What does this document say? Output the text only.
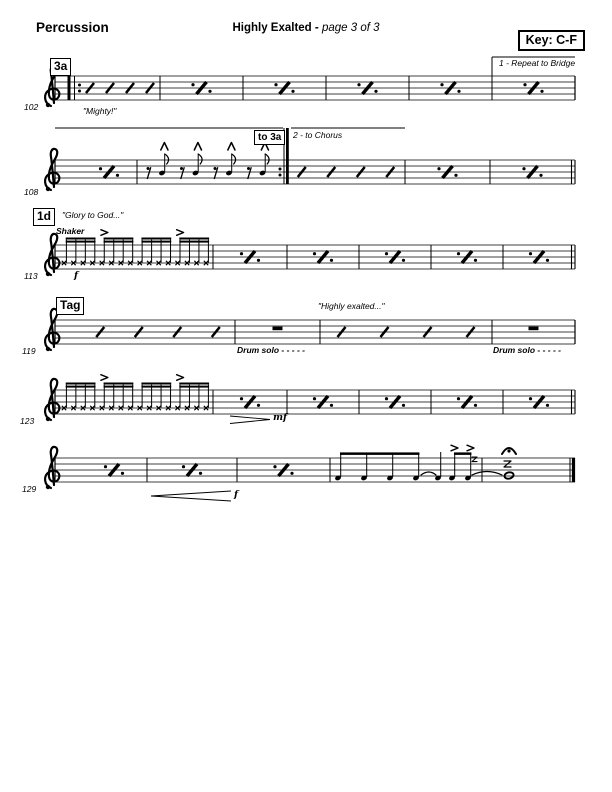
Percussion	Highly Exalted - page 3 of 3
Key: C-F
3a	1 - Repeat to Bridge
"Mighty!"
to 3a	2 - to Chorus
1d	"Glory to God..."
Shaker
f
Tag	"Highly exalted..."
Drum solo - - - - -	Drum solo - - - - -
mf
f
102
108
113
119
123
129
